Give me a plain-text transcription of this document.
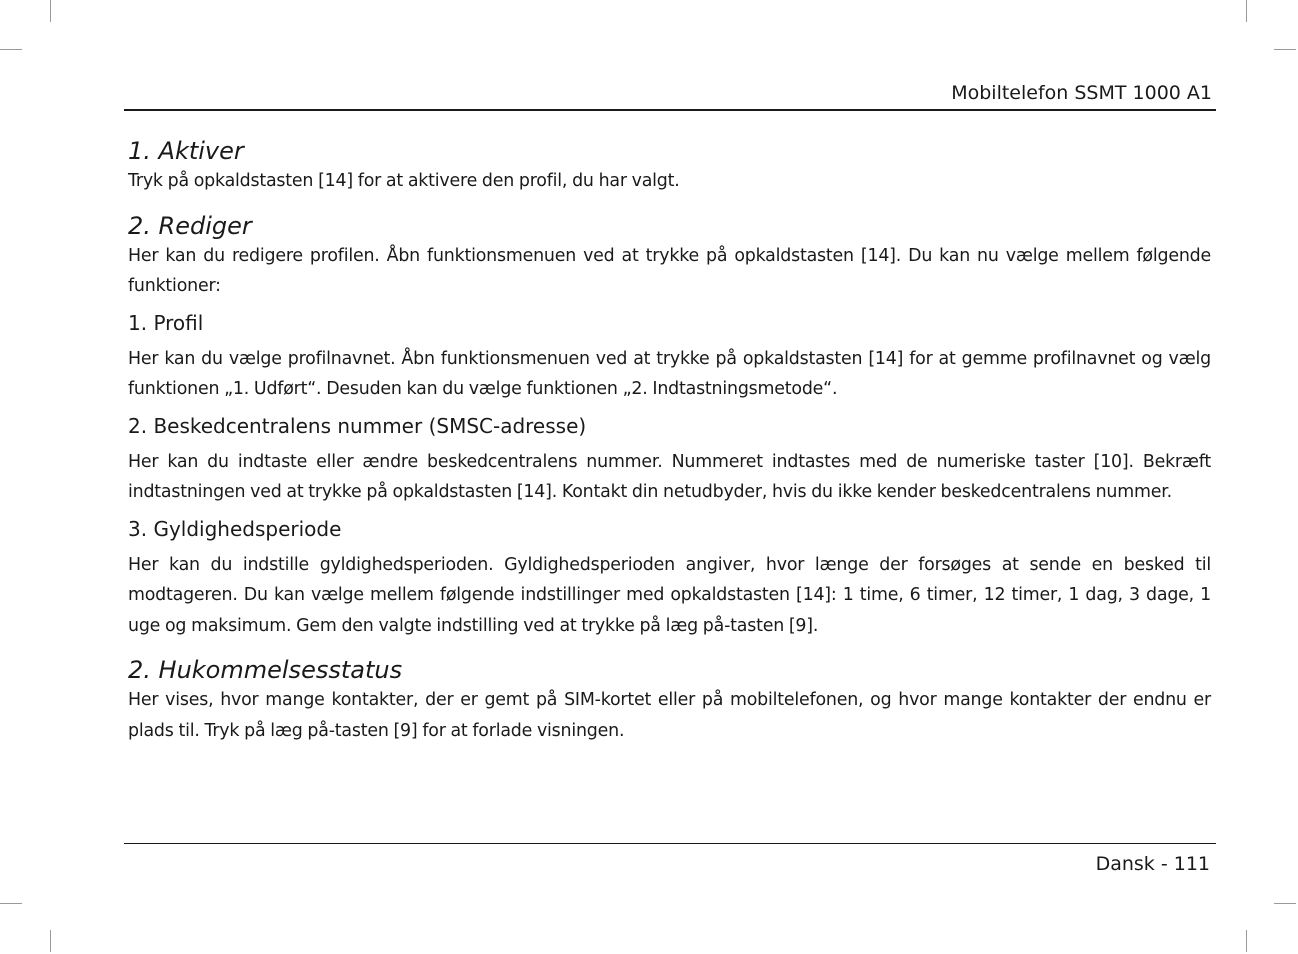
Mobiltelefon SSMT 1000 A1
1. Aktiver

Tryk på opkaldstasten [14] for at aktivere den profil, du har valgt.

2. Rediger

Her kan du redigere profilen. Åbn funktionsmenuen ved at trykke på opkaldstasten [14]. Du kan nu vælge mellem følgende funktioner:

1. Profil

Her kan du vælge profilnavnet. Åbn funktionsmenuen ved at trykke på opkaldstasten [14] for at gemme profilnavnet og vælg funktionen „1. Udført“. Desuden kan du vælge funktionen „2. Indtastningsmetode“.

2. Beskedcentralens nummer (SMSC-adresse)

Her kan du indtaste eller ændre beskedcentralens nummer. Nummeret indtastes med de numeriske taster [10]. Bekræft indtastningen ved at trykke på opkaldstasten [14]. Kontakt din netudbyder, hvis du ikke kender beskedcentralens nummer.

3. Gyldighedsperiode

Her kan du indstille gyldighedsperioden. Gyldighedsperioden angiver, hvor længe der forsøges at sende en besked til modtageren. Du kan vælge mellem følgende indstillinger med opkaldstasten [14]: 1 time, 6 timer, 12 timer, 1 dag, 3 dage, 1 uge og maksimum. Gem den valgte indstilling ved at trykke på læg på-tasten [9].

2. Hukommelsesstatus

Her vises, hvor mange kontakter, der er gemt på SIM-kortet eller på mobiltelefonen, og hvor mange kontakter der endnu er plads til. Tryk på læg på-tasten [9] for at forlade visningen.

Dansk - 111
